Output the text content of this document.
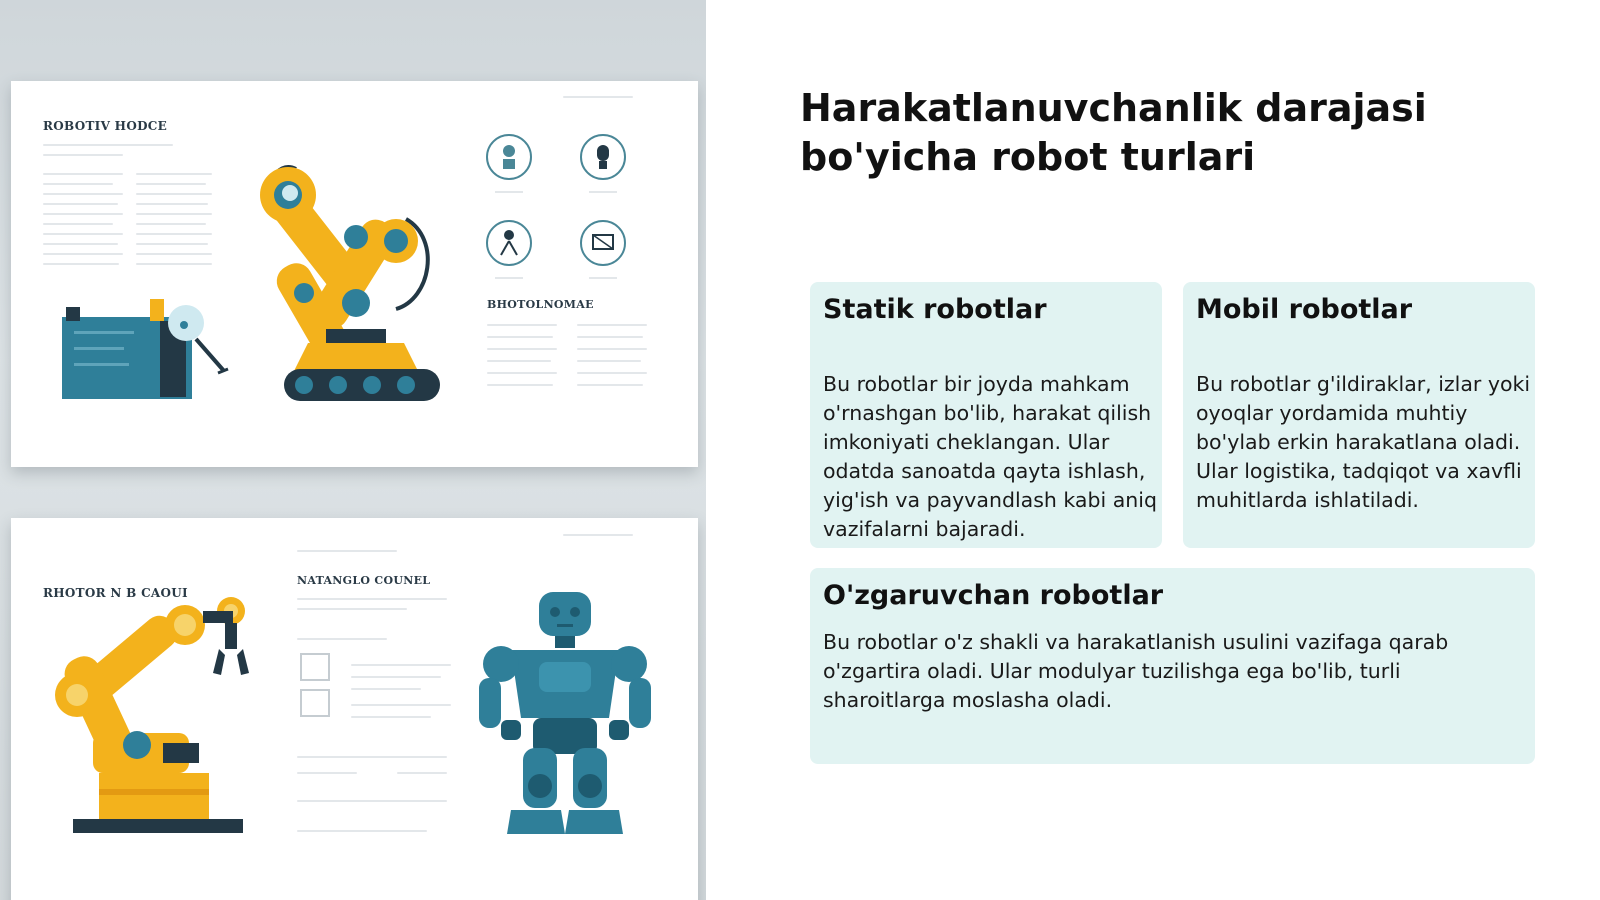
ROBOTIV HODCE
BHOTOLNOMAE
RHOTOR N B CAOUI
NATANGLO COUNEL
Harakatlanuvchanlik darajasi bo'yicha robot turlari
Statik robotlar

Bu robotlar bir joyda mahkam o'rnashgan bo'lib, harakat qilish imkoniyati cheklangan. Ular odatda sanoatda qayta ishlash, yig'ish va payvandlash kabi aniq vazifalarni bajaradi.

Mobil robotlar

Bu robotlar g'ildiraklar, izlar yoki oyoqlar yordamida muhtiy bo'ylab erkin harakatlana oladi. Ular logistika, tadqiqot va xavfli muhitlarda ishlatiladi.

O'zgaruvchan robotlar

Bu robotlar o'z shakli va harakatlanish usulini vazifaga qarab o'zgartira oladi. Ular modulyar tuzilishga ega bo'lib, turli sharoitlarga moslasha oladi.
